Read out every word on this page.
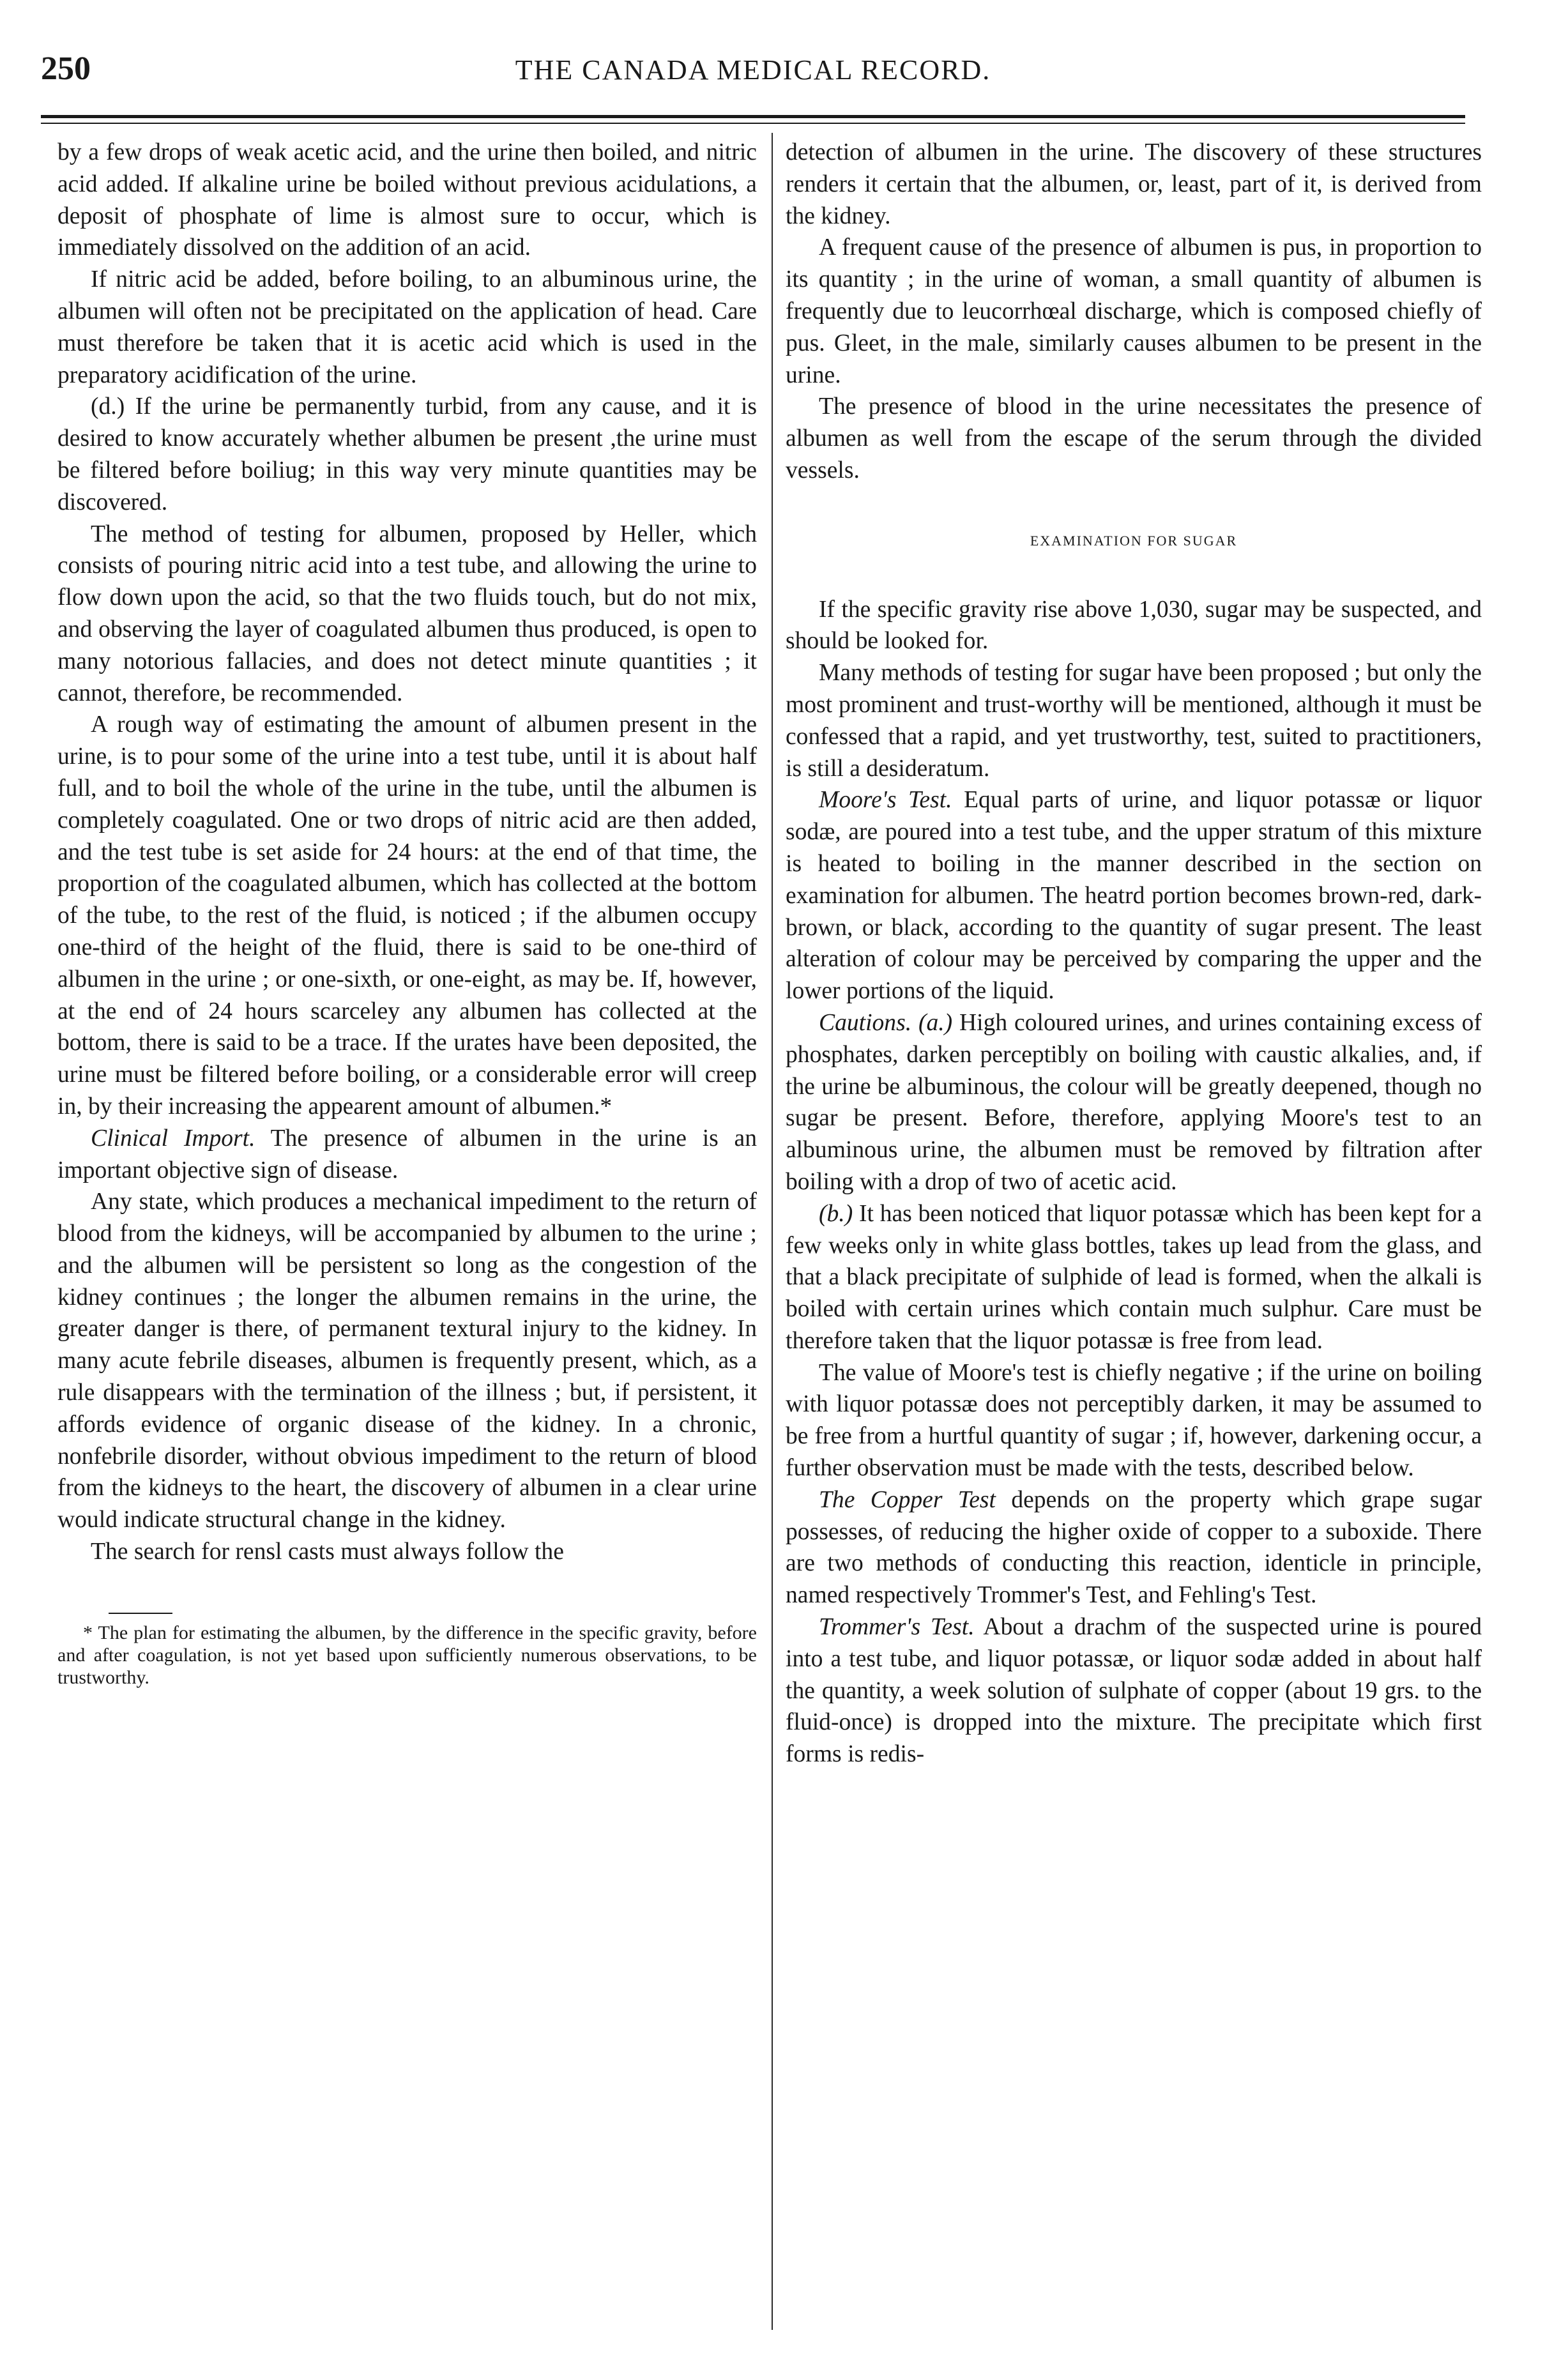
250	THE CANADA MEDICAL RECORD.

by a few drops of weak acetic acid, and the urine then boiled, and nitric acid added. If alkaline urine be boiled without previous acidulations, a deposit of phosphate of lime is almost sure to occur, which is immediately dissolved on the addition of an acid.

If nitric acid be added, before boiling, to an albuminous urine, the albumen will often not be precipitated on the application of head. Care must therefore be taken that it is acetic acid which is used in the preparatory acidification of the urine.

(d.) If the urine be permanently turbid, from any cause, and it is desired to know accurately whether albumen be present ,the urine must be filtered before boiliug; in this way very minute quantities may be discovered.

The method of testing for albumen, proposed by Heller, which consists of pouring nitric acid into a test tube, and allowing the urine to flow down upon the acid, so that the two fluids touch, but do not mix, and observing the layer of coagulated albumen thus produced, is open to many notorious fallacies, and does not detect minute quantities ; it cannot, therefore, be recommended.

A rough way of estimating the amount of albumen present in the urine, is to pour some of the urine into a test tube, until it is about half full, and to boil the whole of the urine in the tube, until the albumen is completely coagulated. One or two drops of nitric acid are then added, and the test tube is set aside for 24 hours: at the end of that time, the proportion of the coagulated albumen, which has collected at the bottom of the tube, to the rest of the fluid, is noticed ; if the albumen occupy one-third of the height of the fluid, there is said to be one-third of albumen in the urine ; or one-sixth, or one-eight, as may be. If, however, at the end of 24 hours scarceley any albumen has collected at the bottom, there is said to be a trace. If the urates have been deposited, the urine must be filtered before boiling, or a considerable error will creep in, by their increasing the appearent amount of albumen.*

Clinical Import. The presence of albumen in the urine is an important objective sign of disease.

Any state, which produces a mechanical impediment to the return of blood from the kidneys, will be accompanied by albumen to the urine ; and the albumen will be persistent so long as the congestion of the kidney continues ; the longer the albumen remains in the urine, the greater danger is there, of permanent textural injury to the kidney. In many acute febrile diseases, albumen is frequently present, which, as a rule disappears with the termination of the illness ; but, if persistent, it affords evidence of organic disease of the kidney. In a chronic, nonfebrile disorder, without obvious impediment to the return of blood from the kidneys to the heart, the discovery of albumen in a clear urine would indicate structural change in the kidney.

The search for rensl casts must always follow the

* The plan for estimating the albumen, by the difference in the specific gravity, before and after coagulation, is not yet based upon sufficiently numerous observations, to be trustworthy.

detection of albumen in the urine. The discovery of these structures renders it certain that the albumen, or, least, part of it, is derived from the kidney.

A frequent cause of the presence of albumen is pus, in proportion to its quantity ; in the urine of woman, a small quantity of albumen is frequently due to leucorrhœal discharge, which is composed chiefly of pus. Gleet, in the male, similarly causes albumen to be present in the urine.

The presence of blood in the urine necessitates the presence of albumen as well from the escape of the serum through the divided vessels.

EXAMINATION FOR SUGAR

If the specific gravity rise above 1,030, sugar may be suspected, and should be looked for.

Many methods of testing for sugar have been proposed ; but only the most prominent and trust-worthy will be mentioned, although it must be confessed that a rapid, and yet trustworthy, test, suited to practitioners, is still a desideratum.

Moore's Test. Equal parts of urine, and liquor potassæ or liquor sodæ, are poured into a test tube, and the upper stratum of this mixture is heated to boiling in the manner described in the section on examination for albumen. The heatrd portion becomes brown-red, dark-brown, or black, according to the quantity of sugar present. The least alteration of colour may be perceived by comparing the upper and the lower portions of the liquid.

Cautions. (a.) High coloured urines, and urines containing excess of phosphates, darken perceptibly on boiling with caustic alkalies, and, if the urine be albuminous, the colour will be greatly deepened, though no sugar be present. Before, therefore, applying Moore's test to an albuminous urine, the albumen must be removed by filtration after boiling with a drop of two of acetic acid.

(b.) It has been noticed that liquor potassæ which has been kept for a few weeks only in white glass bottles, takes up lead from the glass, and that a black precipitate of sulphide of lead is formed, when the alkali is boiled with certain urines which contain much sulphur. Care must be therefore taken that the liquor potassæ is free from lead.

The value of Moore's test is chiefly negative ; if the urine on boiling with liquor potassæ does not perceptibly darken, it may be assumed to be free from a hurtful quantity of sugar ; if, however, darkening occur, a further observation must be made with the tests, described below.

The Copper Test depends on the property which grape sugar possesses, of reducing the higher oxide of copper to a suboxide. There are two methods of conducting this reaction, identicle in principle, named respectively Trommer's Test, and Fehling's Test.

Trommer's Test. About a drachm of the suspected urine is poured into a test tube, and liquor potassæ, or liquor sodæ added in about half the quantity, a week solution of sulphate of copper (about 19 grs. to the fluid-once) is dropped into the mixture. The precipitate which first forms is redis-
